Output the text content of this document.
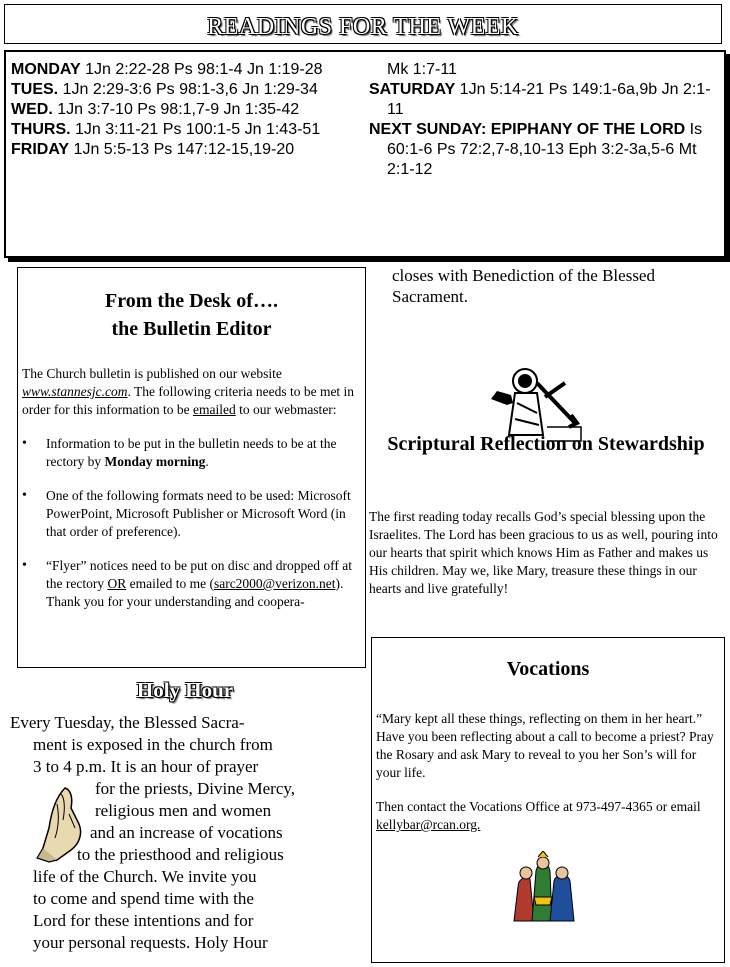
READINGS FOR THE WEEK
MONDAY 1Jn 2:22-28 Ps 98:1-4 Jn 1:19-28
TUES. 1Jn 2:29-3:6 Ps 98:1-3,6 Jn 1:29-34
WED. 1Jn 3:7-10 Ps 98:1,7-9 Jn 1:35-42
THURS. 1Jn 3:11-21 Ps 100:1-5 Jn 1:43-51
FRIDAY 1Jn 5:5-13 Ps 147:12-15,19-20
Mk 1:7-11
SATURDAY 1Jn 5:14-21 Ps 149:1-6a,9b Jn 2:1-11
NEXT SUNDAY: EPIPHANY OF THE LORD Is 60:1-6 Ps 72:2,7-8,10-13 Eph 3:2-3a,5-6 Mt 2:1-12
From the Desk of….
the Bulletin Editor

The Church bulletin is published on our website www.stannesjc.com. The following criteria needs to be met in order for this information to be emailed to our webmaster:

• Information to be put in the bulletin needs to be at the rectory by Monday morning.
• One of the following formats need to be used: Microsoft PowerPoint, Microsoft Publisher or Microsoft Word (in that order of preference).
• “Flyer” notices need to be put on disc and dropped off at the rectory OR emailed to me (sarc2000@verizon.net).
Thank you for your understanding and coopera-
Holy Hour
Every Tuesday, the Blessed Sacra-
ment is exposed in the church from
3 to 4 p.m. It is an hour of prayer
for the priests, Divine Mercy,
religious men and women
and an increase of vocations
to the priesthood and religious
life of the Church. We invite you
to come and spend time with the
Lord for these intentions and for
your personal requests. Holy Hour
closes with Benediction of the Blessed Sacrament.
Scriptural Reflection on Stewardship
The first reading today recalls God’s special blessing upon the Israelites. The Lord has been gracious to us as well, pouring into our hearts that spirit which knows Him as Father and makes us His children. May we, like Mary, treasure these things in our hearts and live gratefully!
Vocations

“Mary kept all these things, reflecting on them in her heart.” Have you been reflecting about a call to become a priest? Pray the Rosary and ask Mary to reveal to you her Son’s will for your life.

Then contact the Vocations Office at 973-497-4365 or email kellybar@rcan.org.
